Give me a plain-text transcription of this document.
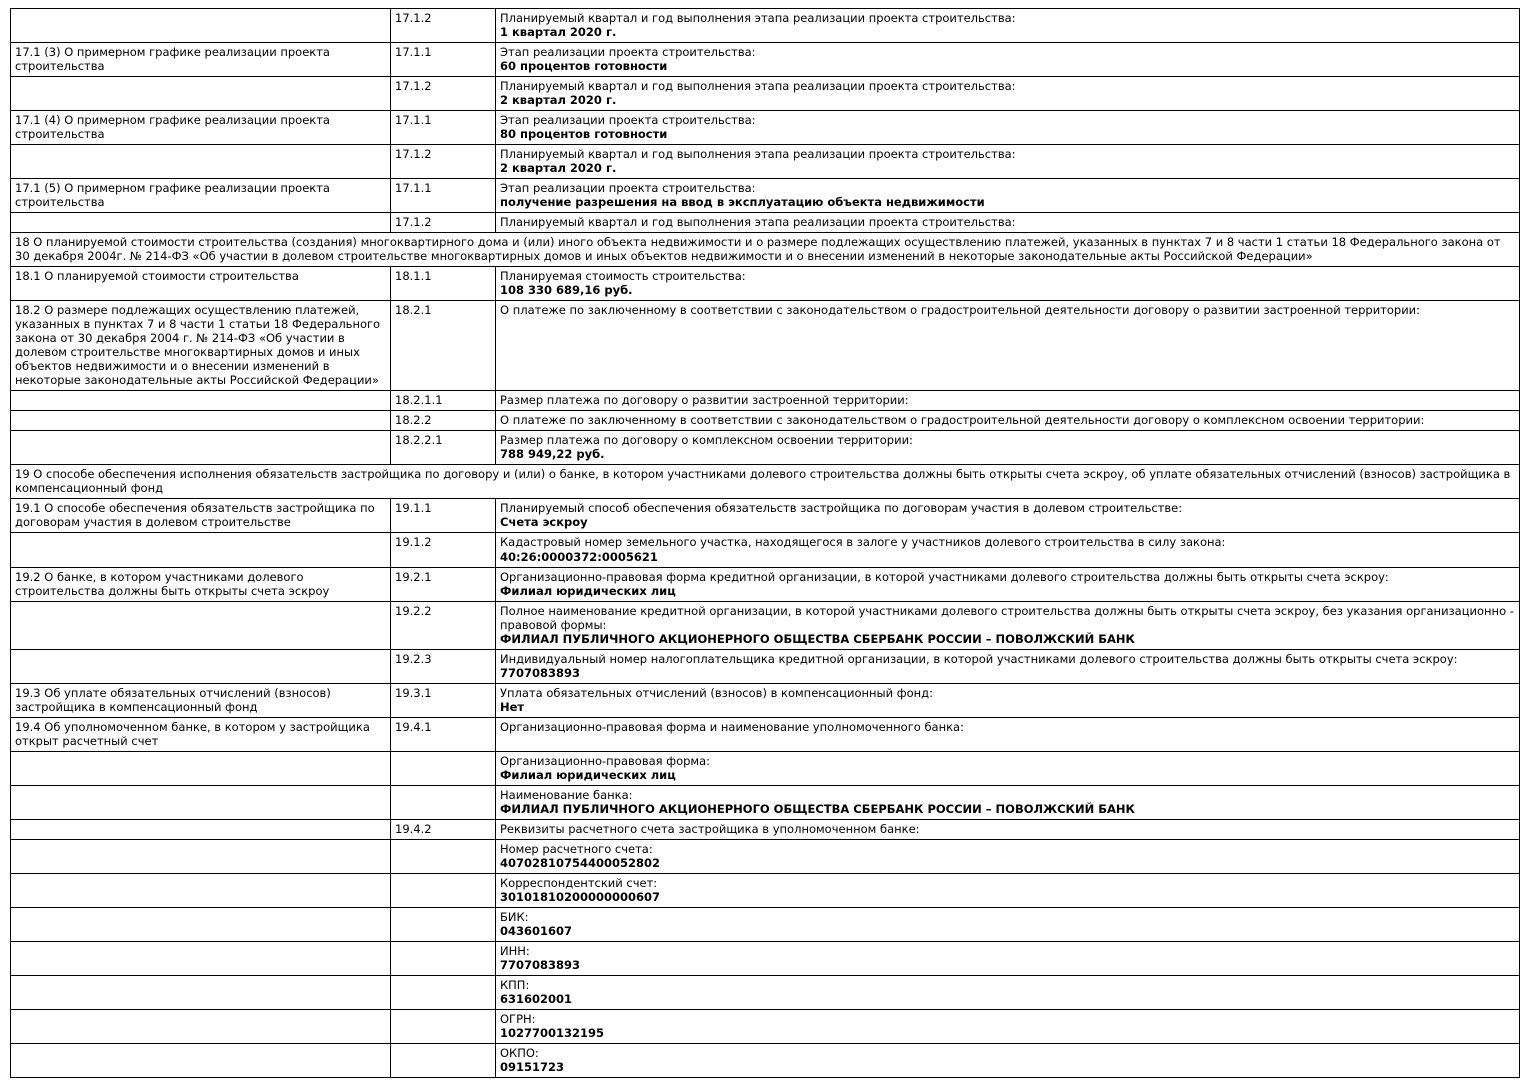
	17.1.2	Планируемый квартал и год выполнения этапа реализации проекта строительства:
1 квартал 2020 г.

17.1 (3) О примерном графике реализации проекта строительства	17.1.1	Этап реализации проекта строительства:
60 процентов готовности

	17.1.2	Планируемый квартал и год выполнения этапа реализации проекта строительства:
2 квартал 2020 г.

17.1 (4) О примерном графике реализации проекта строительства	17.1.1	Этап реализации проекта строительства:
80 процентов готовности

	17.1.2	Планируемый квартал и год выполнения этапа реализации проекта строительства:
2 квартал 2020 г.

17.1 (5) О примерном графике реализации проекта строительства	17.1.1	Этап реализации проекта строительства:
получение разрешения на ввод в эксплуатацию объекта недвижимости

	17.1.2	Планируемый квартал и год выполнения этапа реализации проекта строительства:

18 О планируемой стоимости строительства (создания) многоквартирного дома и (или) иного объекта недвижимости и о размере подлежащих осуществлению платежей, указанных в пунктах 7 и 8 части 1 статьи 18 Федерального закона от 30 декабря 2004г. № 214-ФЗ «Об участии в долевом строительстве многоквартирных домов и иных объектов недвижимости и о внесении изменений в некоторые законодательные акты Российской Федерации»		
18.1 О планируемой стоимости строительства	18.1.1	Планируемая стоимость строительства:
108 330 689,16 руб.

18.2 О размере подлежащих осуществлению платежей, указанных в пунктах 7 и 8 части 1 статьи 18 Федерального закона от 30 декабря 2004 г. № 214-ФЗ «Об участии в долевом строительстве многоквартирных домов и иных объектов недвижимости и о внесении изменений в некоторые законодательные акты Российской Федерации»	18.2.1	О платеже по заключенному в соответствии с законодательством о градостроительной деятельности договору о развитии застроенной территории:

	18.2.1.1	Размер платежа по договору о развитии застроенной территории:

	18.2.2	О платеже по заключенному в соответствии с законодательством о градостроительной деятельности договору о комплексном освоении территории:

	18.2.2.1	Размер платежа по договору о комплексном освоении территории:
788 949,22 руб.

19 О способе обеспечения исполнения обязательств застройщика по договору и (или) о банке, в котором участниками долевого строительства должны быть открыты счета эскроу, об уплате обязательных отчислений (взносов) застройщика в компенсационный фонд		
19.1 О способе обеспечения обязательств застройщика по договорам участия в долевом строительстве	19.1.1	Планируемый способ обеспечения обязательств застройщика по договорам участия в долевом строительстве:
Счета эскроу

	19.1.2	Кадастровый номер земельного участка, находящегося в залоге у участников долевого строительства в силу закона:
40:26:0000372:0005621

19.2 О банке, в котором участниками долевого строительства должны быть открыты счета эскроу	19.2.1	Организационно-правовая форма кредитной организации, в которой участниками долевого строительства должны быть открыты счета эскроу:
Филиал юридических лиц

	19.2.2	Полное наименование кредитной организации, в которой участниками долевого строительства должны быть открыты счета эскроу, без указания организационно - правовой формы:
ФИЛИАЛ ПУБЛИЧНОГО АКЦИОНЕРНОГО ОБЩЕСТВА СБЕРБАНК РОССИИ – ПОВОЛЖСКИЙ БАНК

	19.2.3	Индивидуальный номер налогоплательщика кредитной организации, в которой участниками долевого строительства должны быть открыты счета эскроу:
7707083893

19.3 Об уплате обязательных отчислений (взносов) застройщика в компенсационный фонд	19.3.1	Уплата обязательных отчислений (взносов) в компенсационный фонд:
Нет

19.4 Об уполномоченном банке, в котором у застройщика открыт расчетный счет	19.4.1	Организационно-правовая форма и наименование уполномоченного банка:

		Организационно-правовая форма:
Филиал юридических лиц

		Наименование банка:
ФИЛИАЛ ПУБЛИЧНОГО АКЦИОНЕРНОГО ОБЩЕСТВА СБЕРБАНК РОССИИ – ПОВОЛЖСКИЙ БАНК

	19.4.2	Реквизиты расчетного счета застройщика в уполномоченном банке:

		Номер расчетного счета:
40702810754400052802

		Корреспондентский счет:
30101810200000000607

		БИК:
043601607

		ИНН:
7707083893

		КПП:
631602001

		ОГРН:
1027700132195

		ОКПО:
09151723
